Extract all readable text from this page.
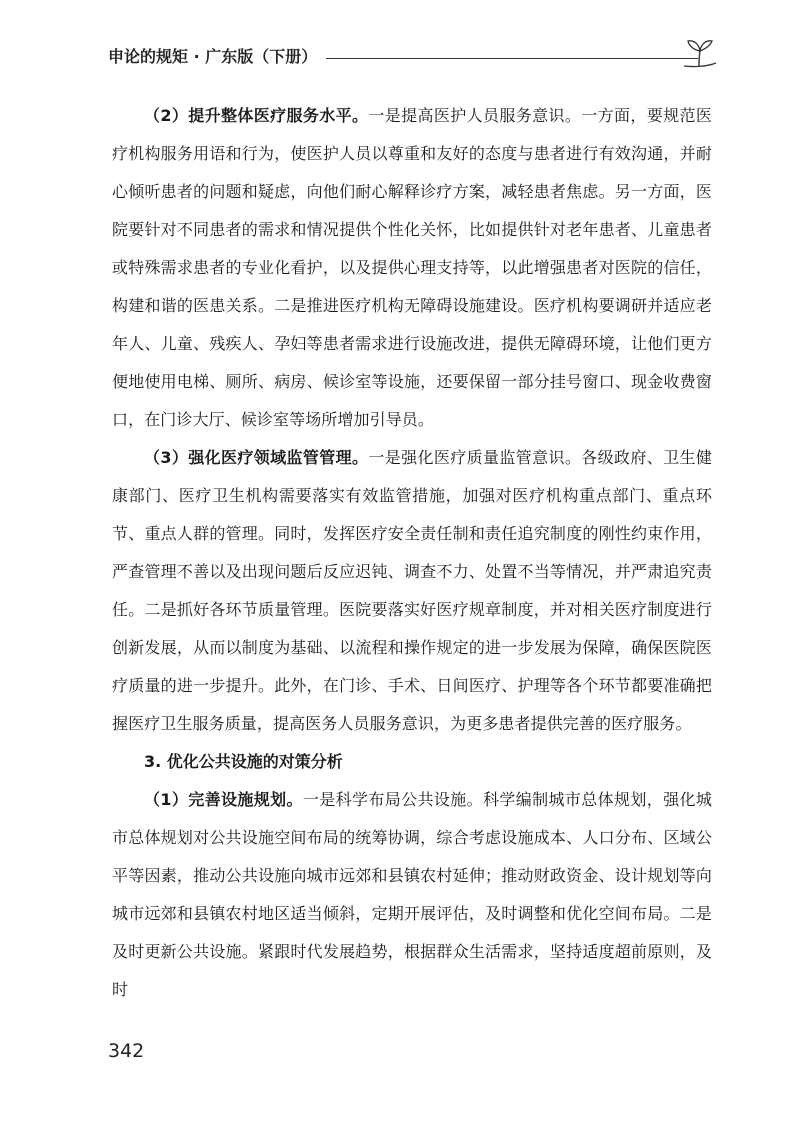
申论的规矩 · 广东版（下册）

（2）提升整体医疗服务水平。一是提高医护人员服务意识。一方面，要规范医疗机构服务用语和行为，使医护人员以尊重和友好的态度与患者进行有效沟通，并耐心倾听患者的问题和疑虑，向他们耐心解释诊疗方案，减轻患者焦虑。另一方面，医院要针对不同患者的需求和情况提供个性化关怀，比如提供针对老年患者、儿童患者或特殊需求患者的专业化看护，以及提供心理支持等，以此增强患者对医院的信任，构建和谐的医患关系。二是推进医疗机构无障碍设施建设。医疗机构要调研并适应老年人、儿童、残疾人、孕妇等患者需求进行设施改进，提供无障碍环境，让他们更方便地使用电梯、厕所、病房、候诊室等设施，还要保留一部分挂号窗口、现金收费窗口，在门诊大厅、候诊室等场所增加引导员。

（3）强化医疗领域监管管理。一是强化医疗质量监管意识。各级政府、卫生健康部门、医疗卫生机构需要落实有效监管措施，加强对医疗机构重点部门、重点环节、重点人群的管理。同时，发挥医疗安全责任制和责任追究制度的刚性约束作用，严查管理不善以及出现问题后反应迟钝、调查不力、处置不当等情况，并严肃追究责任。二是抓好各环节质量管理。医院要落实好医疗规章制度，并对相关医疗制度进行创新发展，从而以制度为基础、以流程和操作规定的进一步发展为保障，确保医院医疗质量的进一步提升。此外，在门诊、手术、日间医疗、护理等各个环节都要准确把握医疗卫生服务质量，提高医务人员服务意识，为更多患者提供完善的医疗服务。

3. 优化公共设施的对策分析

（1）完善设施规划。一是科学布局公共设施。科学编制城市总体规划，强化城市总体规划对公共设施空间布局的统筹协调，综合考虑设施成本、人口分布、区域公平等因素，推动公共设施向城市远郊和县镇农村延伸；推动财政资金、设计规划等向城市远郊和县镇农村地区适当倾斜，定期开展评估，及时调整和优化空间布局。二是及时更新公共设施。紧跟时代发展趋势，根据群众生活需求，坚持适度超前原则，及时

342
